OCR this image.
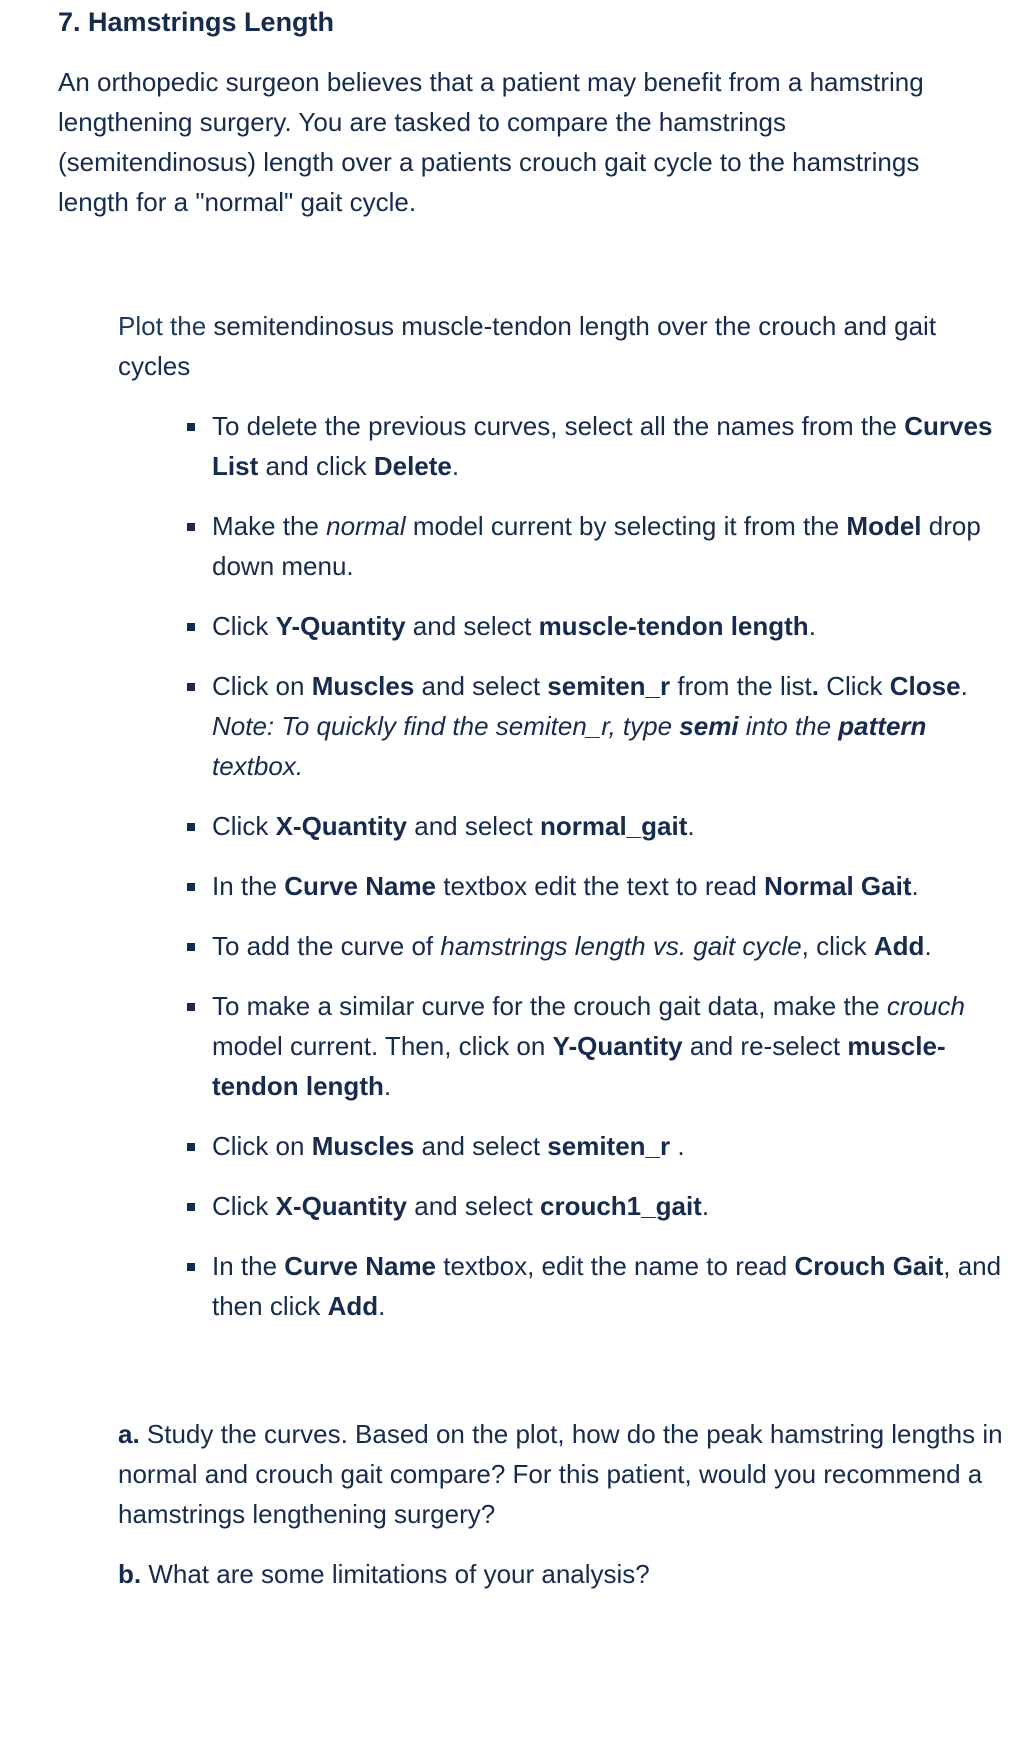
7. Hamstrings Length

An orthopedic surgeon believes that a patient may benefit from a hamstring lengthening surgery. You are tasked to compare the hamstrings (semitendinosus) length over a patients crouch gait cycle to the hamstrings length for a "normal" gait cycle.

Plot the semitendinosus muscle-tendon length over the crouch and gait cycles

To delete the previous curves, select all the names from the Curves List and click Delete.
Make the normal model current by selecting it from the Model drop down menu.
Click Y-Quantity and select muscle-tendon length.
Click on Muscles and select semiten_r from the list. Click Close.
Note: To quickly find the semiten_r, type semi into the pattern textbox.
Click X-Quantity and select normal_gait.
In the Curve Name textbox edit the text to read Normal Gait.
To add the curve of hamstrings length vs. gait cycle, click Add.
To make a similar curve for the crouch gait data, make the crouch model current. Then, click on Y-Quantity and re-select muscle-tendon length.
Click on Muscles and select semiten_r .
Click X-Quantity and select crouch1_gait.
In the Curve Name textbox, edit the name to read Crouch Gait, and then click Add.

a. Study the curves. Based on the plot, how do the peak hamstring lengths in normal and crouch gait compare? For this patient, would you recommend a hamstrings lengthening surgery?

b. What are some limitations of your analysis?
